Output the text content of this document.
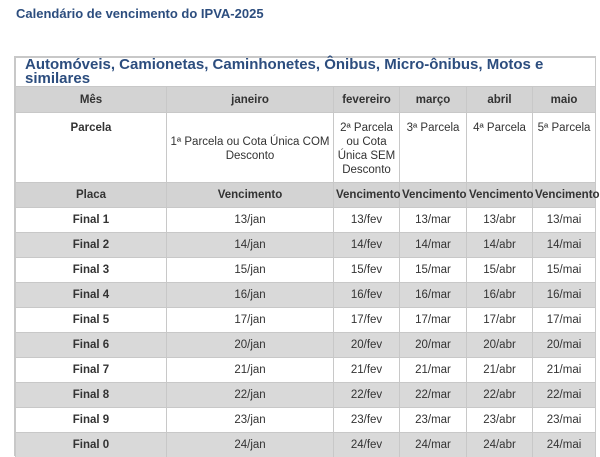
Calendário de vencimento do IPVA-2025
Automóveis, Camionetas, Caminhonetes, Ônibus, Micro-ônibus, Motos e similares					
Mês	janeiro	fevereiro	março	abril	maio
Parcela	1ª Parcela ou Cota Única COM Desconto	2ª Parcela ou Cota Única SEM Desconto	3ª Parcela	4ª Parcela	5ª Parcela
Placa	Vencimento	Vencimento	Vencimento	Vencimento	Vencimento
Final 1	13/jan	13/fev	13/mar	13/abr	13/mai
Final 2	14/jan	14/fev	14/mar	14/abr	14/mai
Final 3	15/jan	15/fev	15/mar	15/abr	15/mai
Final 4	16/jan	16/fev	16/mar	16/abr	16/mai
Final 5	17/jan	17/fev	17/mar	17/abr	17/mai
Final 6	20/jan	20/fev	20/mar	20/abr	20/mai
Final 7	21/jan	21/fev	21/mar	21/abr	21/mai
Final 8	22/jan	22/fev	22/mar	22/abr	22/mai
Final 9	23/jan	23/fev	23/mar	23/abr	23/mai
Final 0	24/jan	24/fev	24/mar	24/abr	24/mai
